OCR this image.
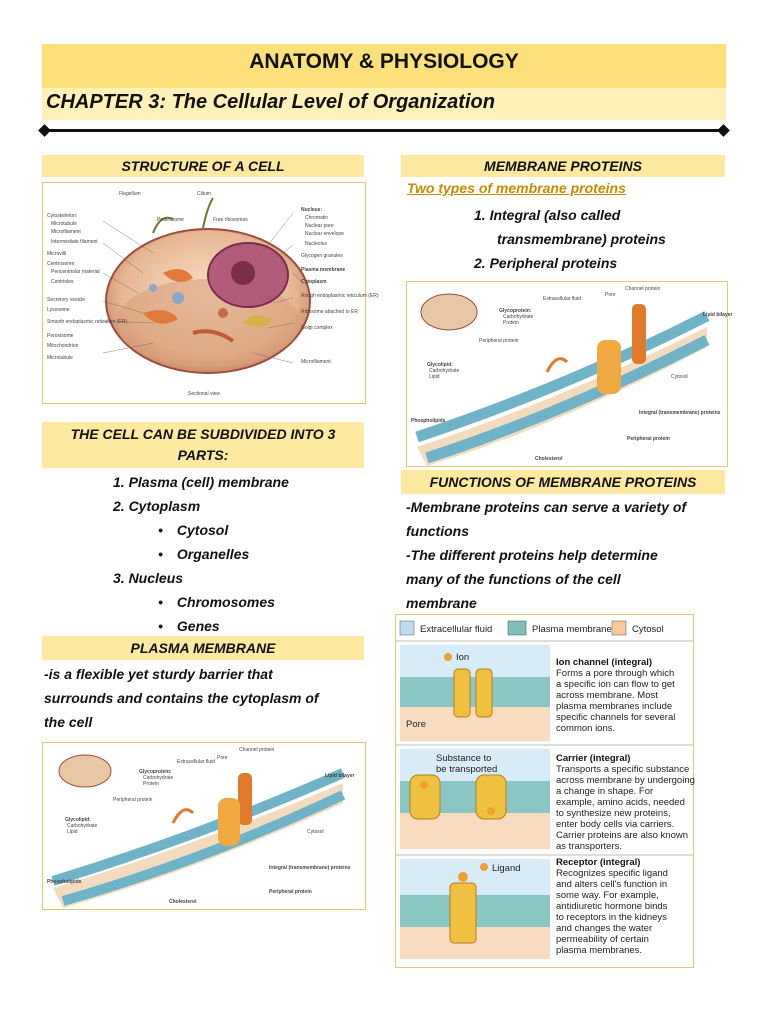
ANATOMY & PHYSIOLOGY
CHAPTER 3: The Cellular Level of Organization
STRUCTURE OF A CELL
Flagellum	Cilium
Cytoskeleton:
Microtubule
Microfilament
Intermediate filament
Microvilli
Centrosome:
Pericentriolar material
Centrioles
Secretory vesicle
Lysosome
Smooth endoplasmic reticulum (ER)
Peroxisome
Mitochondrion
Microtubule
Proteasome	Free ribosomes
Nucleus:
Chromatin
Nuclear pore
Nuclear envelope
Nucleolus
Glycogen granules
Plasma membrane
Cytoplasm
Rough endoplasmic reticulum (ER)
Ribosome attached to ER
Golgi complex
Microfilament
Sectional view
THE CELL CAN BE SUBDIVIDED INTO 3
PARTS:
1. Plasma (cell) membrane
2. Cytoplasm
• Cytosol
• Organelles
3. Nucleus
• Chromosomes
• Genes
PLASMA MEMBRANE
-is a flexible yet sturdy barrier that
surrounds and contains the cytoplasm of
the cell
Channel protein
Pore
Extracellular fluid
Glycoprotein:
Carbohydrate
Protein
Lipid bilayer
Peripheral protein
Glycolipid:
Carbohydrate
Lipid	Cytosol
Phospholipids
Integral (transmembrane) proteins
Peripheral protein
Cholesterol
MEMBRANE PROTEINS
Two types of membrane proteins
1. Integral (also called
transmembrane) proteins
2. Peripheral proteins
Channel protein
Pore
Extracellular fluid
Glycoprotein:
Carbohydrate
Protein
Lipid bilayer
Peripheral protein
Glycolipid:
Carbohydrate
Lipid	Cytosol
Phospholipids
Integral (transmembrane) proteins
Peripheral protein
Cholesterol
FUNCTIONS OF MEMBRANE PROTEINS
-Membrane proteins can serve a variety of
functions
-The different proteins help determine
many of the functions of the cell
membrane
Extracellular fluid	Plasma membrane Cytosol
Ion
Pore
Ion channel (integral)
Forms a pore through which
a specific ion can flow to get
across membrane. Most
plasma membranes include
specific channels for several
common ions.
Substance to
be transported
Carrier (integral)
Transports a specific substance
across membrane by undergoing
a change in shape. For
example, amino acids, needed
to synthesize new proteins,
enter body cells via carriers.
Carrier proteins are also known
as transporters.
Ligand
Receptor (integral)
Recognizes specific ligand
and alters cell's function in
some way. For example,
antidiuretic hormone binds
to receptors in the kidneys
and changes the water
permeability of certain
plasma membranes.
